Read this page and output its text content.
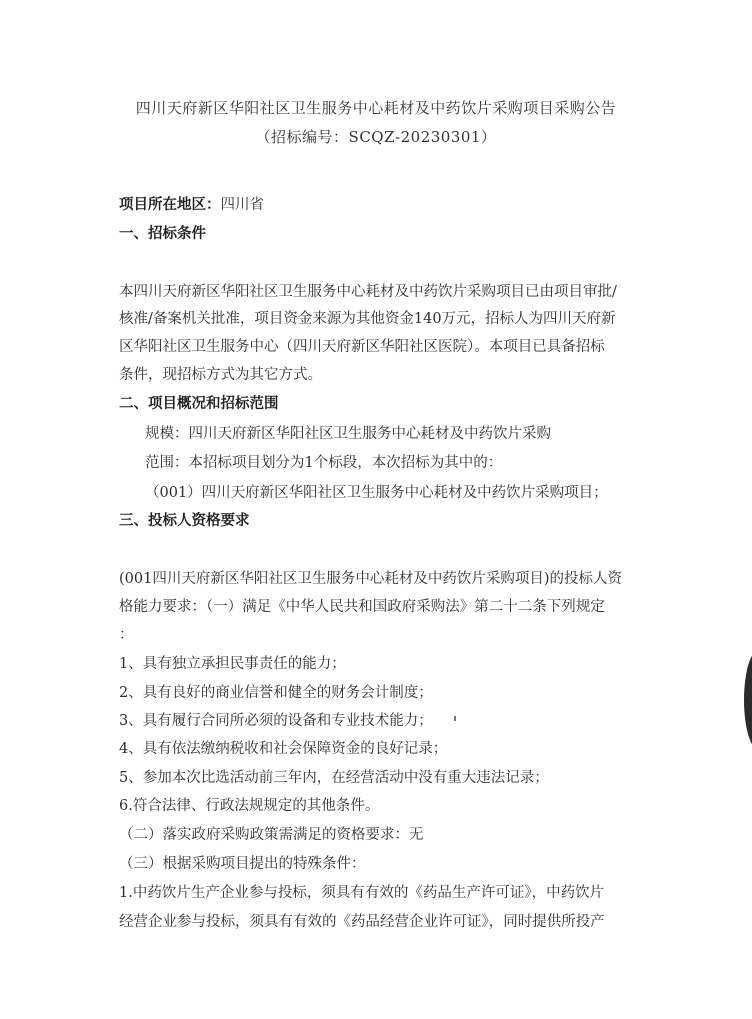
四川天府新区华阳社区卫生服务中心耗材及中药饮片采购项目采购公告
（招标编号：SCQZ-20230301）
项目所在地区：四川省
一、招标条件
本四川天府新区华阳社区卫生服务中心耗材及中药饮片采购项目已由项目审批/
核准/备案机关批准，项目资金来源为其他资金140万元，招标人为四川天府新
区华阳社区卫生服务中心（四川天府新区华阳社区医院）。本项目已具备招标
条件，现招标方式为其它方式。
二、项目概况和招标范围
规模：四川天府新区华阳社区卫生服务中心耗材及中药饮片采购
范围：本招标项目划分为1个标段，本次招标为其中的：
（001）四川天府新区华阳社区卫生服务中心耗材及中药饮片采购项目；
三、投标人资格要求
(001四川天府新区华阳社区卫生服务中心耗材及中药饮片采购项目)的投标人资
格能力要求：（一）满足《中华人民共和国政府采购法》第二十二条下列规定
：
1、具有独立承担民事责任的能力；
2、具有良好的商业信誉和健全的财务会计制度；
3、具有履行合同所必须的设备和专业技术能力；
4、具有依法缴纳税收和社会保障资金的良好记录；
5、参加本次比选活动前三年内，在经营活动中没有重大违法记录；
6.符合法律、行政法规规定的其他条件。
（二）落实政府采购政策需满足的资格要求：无
（三）根据采购项目提出的特殊条件：
1.中药饮片生产企业参与投标，须具有有效的《药品生产许可证》，中药饮片
经营企业参与投标，须具有有效的《药品经营企业许可证》，同时提供所投产
